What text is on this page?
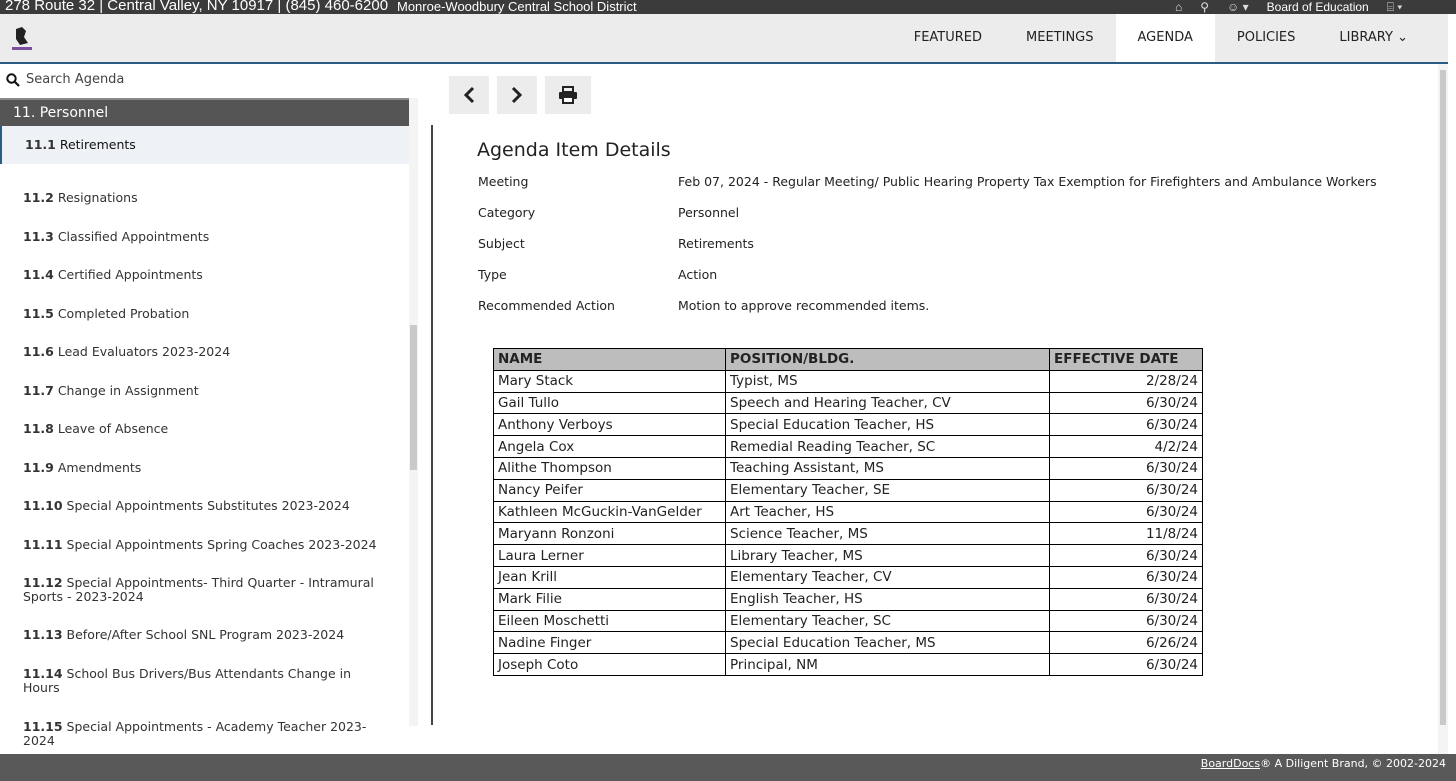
278 Route 32 | Central Valley, NY 10917 | (845) 460-6200 Monroe-Woodbury Central School District	⌂ ⚲ ☺ ▾ Board of Education ⌸ ▾
FEATURED	MEETINGS	AGENDA	POLICIES	LIBRARY ⌄
Search Agenda
11. Personnel
11.1 Retirements
11.2 Resignations
11.3 Classified Appointments
11.4 Certified Appointments
11.5 Completed Probation
11.6 Lead Evaluators 2023-2024
11.7 Change in Assignment
11.8 Leave of Absence
11.9 Amendments
11.10 Special Appointments Substitutes 2023-2024
11.11 Special Appointments Spring Coaches 2023-2024
11.12 Special Appointments- Third Quarter - Intramural Sports - 2023-2024
11.13 Before/After School SNL Program 2023-2024
11.14 School Bus Drivers/Bus Attendants Change in Hours
11.15 Special Appointments - Academy Teacher 2023-2024
Agenda Item Details
Meeting	Feb 07, 2024 - Regular Meeting/ Public Hearing Property Tax Exemption for Firefighters and Ambulance Workers
Category	Personnel
Subject	Retirements
Type	Action
Recommended Action	Motion to approve recommended items.
NAME	POSITION/BLDG.	EFFECTIVE DATE
Mary Stack	Typist, MS	2/28/24
Gail Tullo	Speech and Hearing Teacher, CV	6/30/24
Anthony Verboys	Special Education Teacher, HS	6/30/24
Angela Cox	Remedial Reading Teacher, SC	4/2/24
Alithe Thompson	Teaching Assistant, MS	6/30/24
Nancy Peifer	Elementary Teacher, SE	6/30/24
Kathleen McGuckin-VanGelder	Art Teacher, HS	6/30/24
Maryann Ronzoni	Science Teacher, MS	11/8/24
Laura Lerner	Library Teacher, MS	6/30/24
Jean Krill	Elementary Teacher, CV	6/30/24
Mark Filie	English Teacher, HS	6/30/24
Eileen Moschetti	Elementary Teacher, SC	6/30/24
Nadine Finger	Special Education Teacher, MS	6/26/24
Joseph Coto	Principal, NM	6/30/24
BoardDocs® A Diligent Brand, © 2002-2024
